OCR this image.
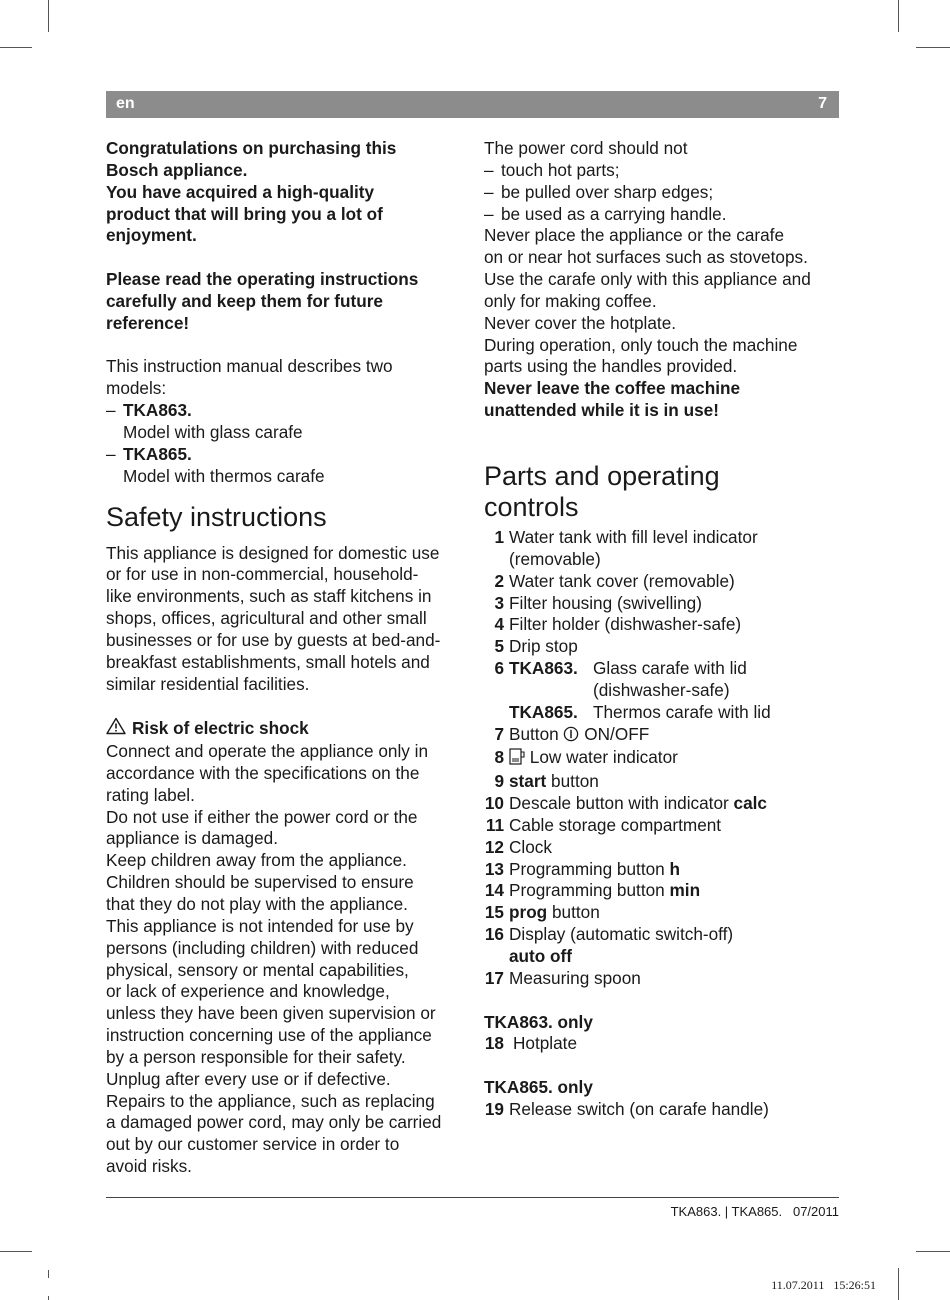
en	7

Congratulations on purchasing this

Bosch appliance.

You have acquired a high-quality

product that will bring you a lot of

enjoyment.

Please read the operating instructions

carefully and keep them for future

reference!

This instruction manual describes two

models:

– TKA863.

Model with glass carafe

– TKA865.

Model with thermos carafe

Safety instructions

This appliance is designed for domestic use

or for use in non-commercial, household-

like environments, such as staff kitchens in

shops, offices, agricultural and other small

businesses or for use by guests at bed-and-

breakfast establishments, small hotels and

similar residential facilities.

Risk of electric shock

Connect and operate the appliance only in

accordance with the specifications on the

rating label.

Do not use if either the power cord or the

appliance is damaged.

Keep children away from the appliance.

Children should be supervised to ensure

that they do not play with the appliance.

This appliance is not intended for use by

persons (including children) with reduced

physical, sensory or mental capabilities,

or lack of experience and knowledge,

unless they have been given supervision or

instruction concerning use of the appliance

by a person responsible for their safety.

Unplug after every use or if defective.

Repairs to the appliance, such as replacing

a damaged power cord, may only be carried

out by our customer service in order to

avoid risks.

The power cord should not

– touch hot parts;
– be pulled over sharp edges;
– be used as a carrying handle.

Never place the appliance or the carafe

on or near hot surfaces such as stovetops.

Use the carafe only with this appliance and

only for making coffee.

Never cover the hotplate.

During operation, only touch the machine

parts using the handles provided.

Never leave the coffee machine

unattended while it is in use!

Parts and operating
controls
1 Water tank with fill level indicator
(removable)
2 Water tank cover (removable)
3 Filter housing (swivelling)
4 Filter holder (dishwasher-safe)
5 Drip stop
6 TKA863. Glass carafe with lid
(dishwasher-safe)
TKA865. Thermos carafe with lid
7 Button ON/OFF
8	Low water indicator
9 start button
10 Descale button with indicator calc
11 Cable storage compartment
12 Clock
13 Programming button h
14 Programming button min
15 prog button
16 Display (automatic switch-off)
auto off
17 Measuring spoon

TKA863. only

18 Hotplate

TKA865. only

19 Release switch (on carafe handle)
TKA863. | TKA865.   07/2011
11.07.2011   15:26:51
